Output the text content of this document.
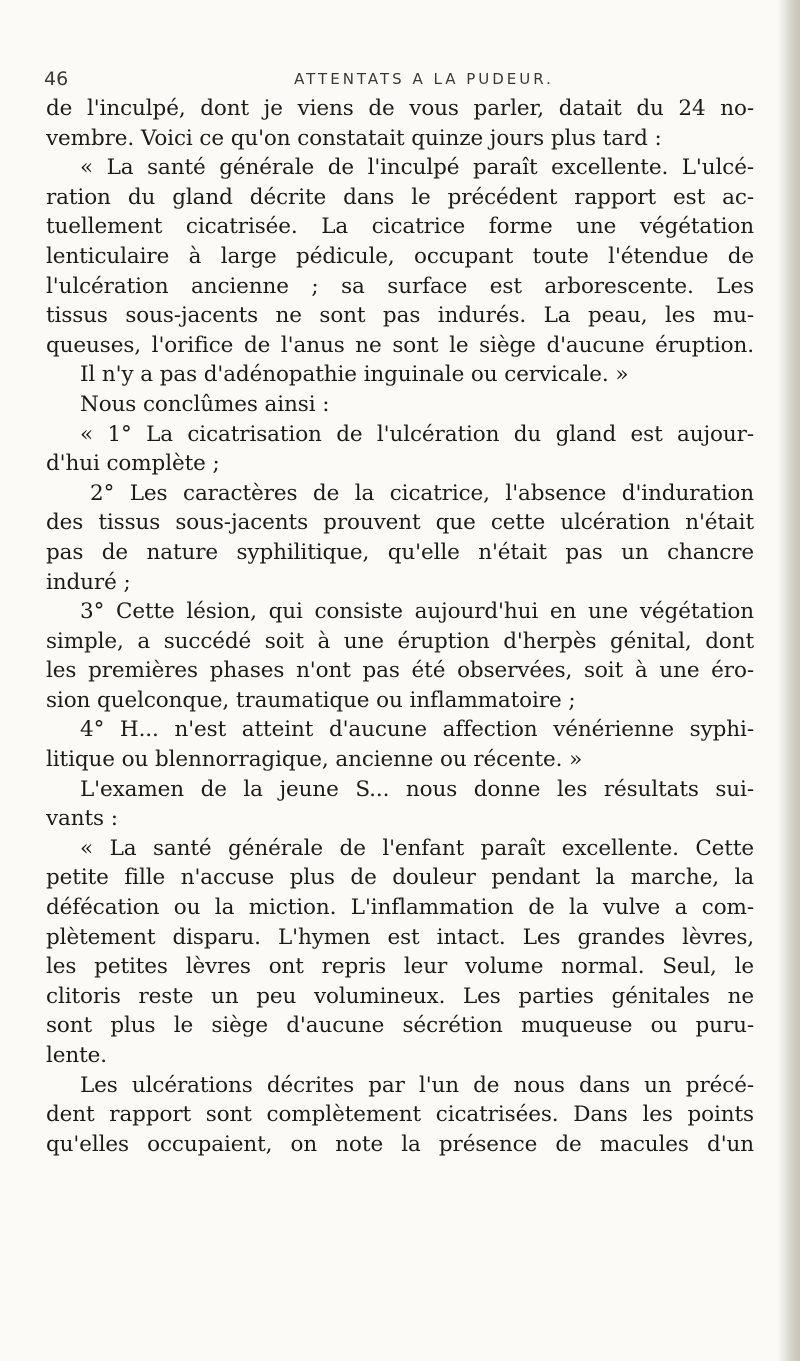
46	ATTENTATS A LA PUDEUR.
de l'inculpé, dont je viens de vous parler, datait du 24 no-
vembre. Voici ce qu'on constatait quinze jours plus tard :
« La santé générale de l'inculpé paraît excellente. L'ulcé-
ration du gland décrite dans le précédent rapport est ac-
tuellement cicatrisée. La cicatrice forme une végétation
lenticulaire à large pédicule, occupant toute l'étendue de
l'ulcération ancienne ; sa surface est arborescente. Les
tissus sous-jacents ne sont pas indurés. La peau, les mu-
queuses, l'orifice de l'anus ne sont le siège d'aucune éruption.
Il n'y a pas d'adénopathie inguinale ou cervicale. »
Nous conclûmes ainsi :
« 1° La cicatrisation de l'ulcération du gland est aujour-
d'hui complète ;
2° Les caractères de la cicatrice, l'absence d'induration
des tissus sous-jacents prouvent que cette ulcération n'était
pas de nature syphilitique, qu'elle n'était pas un chancre
induré ;
3° Cette lésion, qui consiste aujourd'hui en une végétation
simple, a succédé soit à une éruption d'herpès génital, dont
les premières phases n'ont pas été observées, soit à une éro-
sion quelconque, traumatique ou inflammatoire ;
4° H... n'est atteint d'aucune affection vénérienne syphi-
litique ou blennorragique, ancienne ou récente. »
L'examen de la jeune S... nous donne les résultats sui-
vants :
« La santé générale de l'enfant paraît excellente. Cette
petite fille n'accuse plus de douleur pendant la marche, la
défécation ou la miction. L'inflammation de la vulve a com-
plètement disparu. L'hymen est intact. Les grandes lèvres,
les petites lèvres ont repris leur volume normal. Seul, le
clitoris reste un peu volumineux. Les parties génitales ne
sont plus le siège d'aucune sécrétion muqueuse ou puru-
lente.
Les ulcérations décrites par l'un de nous dans un précé-
dent rapport sont complètement cicatrisées. Dans les points
qu'elles occupaient, on note la présence de macules d'un
